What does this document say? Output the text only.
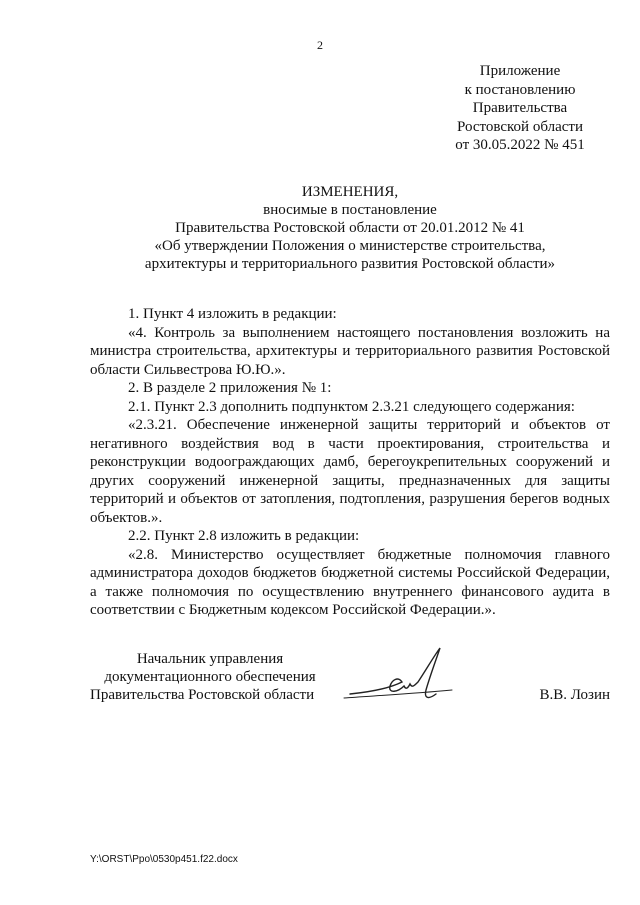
2
Приложение
к постановлению
Правительства
Ростовской области
от 30.05.2022 № 451
ИЗМЕНЕНИЯ,
вносимые в постановление
Правительства Ростовской области от 20.01.2012 № 41
«Об утверждении Положения о министерстве строительства,
архитектуры и территориального развития Ростовской области»

1. Пункт 4 изложить в редакции:

«4. Контроль за выполнением настоящего постановления возложить на министра строительства, архитектуры и территориального развития Ростовской области Сильвестрова Ю.Ю.».

2. В разделе 2 приложения № 1:

2.1. Пункт 2.3 дополнить подпунктом 2.3.21 следующего содержания:

«2.3.21. Обеспечение инженерной защиты территорий и объектов от негативного воздействия вод в части проектирования, строительства и реконструкции водоограждающих дамб, берегоукрепительных сооружений и других сооружений инженерной защиты, предназначенных для защиты территорий и объектов от затопления, подтопления, разрушения берегов водных объектов.».

2.2. Пункт 2.8 изложить в редакции:

«2.8. Министерство осуществляет бюджетные полномочия главного администратора доходов бюджетов бюджетной системы Российской Федерации, а также полномочия по осуществлению внутреннего финансового аудита в соответствии с Бюджетным кодексом Российской Федерации.».

Начальник управления
документационного обеспечения
Правительства Ростовской области	В.В. Лозин
Y:\ORST\Ppo\0530p451.f22.docx
